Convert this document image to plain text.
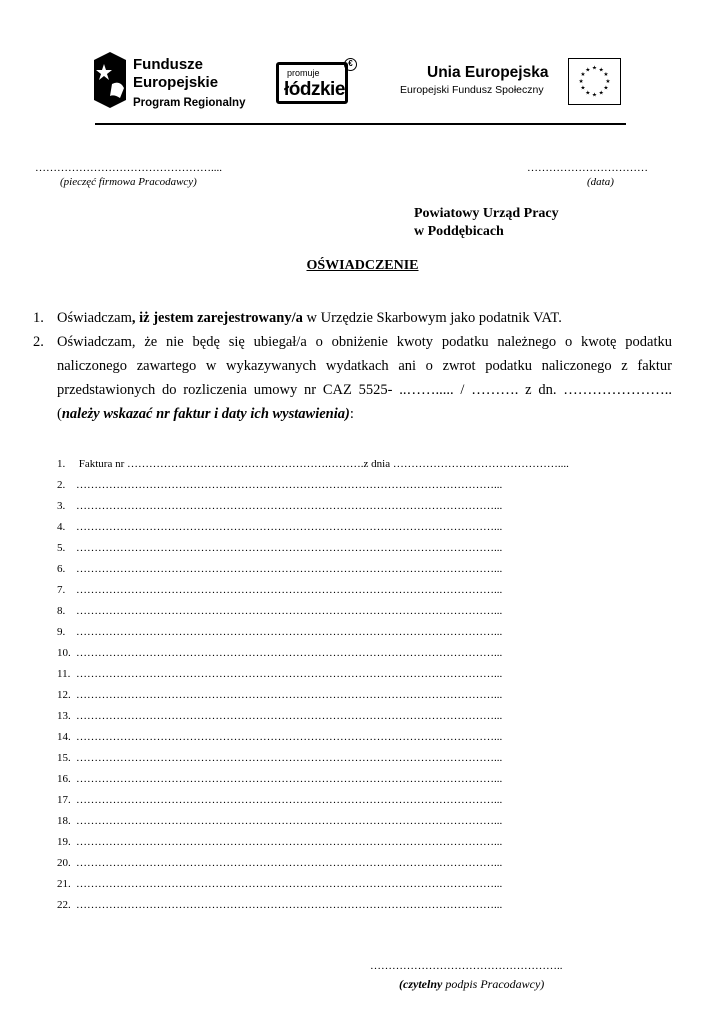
Fundusze
Europejskie
Program Regionalny
promuje
łódzkie
€
Unia Europejska
Europejski Fundusz Społeczny
★ ★
★
★
★
★
★
★
★
★
★
★
…………………………………………....
(pieczęć firmowa Pracodawcy)
……………………………
(data)
Powiatowy Urząd Pracy
w Poddębicach
OŚWIADCZENIE
1. Oświadczam, iż jestem zarejestrowany/a w Urzędzie Skarbowym jako podatnik VAT.
2. Oświadczam, że nie będę się ubiegał/a o obniżenie kwoty podatku należnego o kwotę podatku
naliczonego zawartego w wykazywanych wydatkach ani o zwrot podatku naliczonego z faktur
przedstawionych do rozliczenia umowy nr CAZ 5525- ..……..... / ………. z dn. …………………..
(należy wskazać nr faktur i daty ich wystawienia):
1. Faktura nr ……………………………………………….……….z dnia ………………………………………....
2. ……………………………………………………………………………………………………...
3. ……………………………………………………………………………………………………...
4. ……………………………………………………………………………………………………...
5. ……………………………………………………………………………………………………...
6. ……………………………………………………………………………………………………...
7. ……………………………………………………………………………………………………...
8. ……………………………………………………………………………………………………...
9. ……………………………………………………………………………………………………...
10. ……………………………………………………………………………………………………...
11. ……………………………………………………………………………………………………...
12. ……………………………………………………………………………………………………...
13. ……………………………………………………………………………………………………...
14. ……………………………………………………………………………………………………...
15. ……………………………………………………………………………………………………...
16. ……………………………………………………………………………………………………...
17. ……………………………………………………………………………………………………...
18. ……………………………………………………………………………………………………...
19. ……………………………………………………………………………………………………...
20. ……………………………………………………………………………………………………...
21. ……………………………………………………………………………………………………...
22. ……………………………………………………………………………………………………...
……………………………………………..
(czytelny podpis Pracodawcy)
